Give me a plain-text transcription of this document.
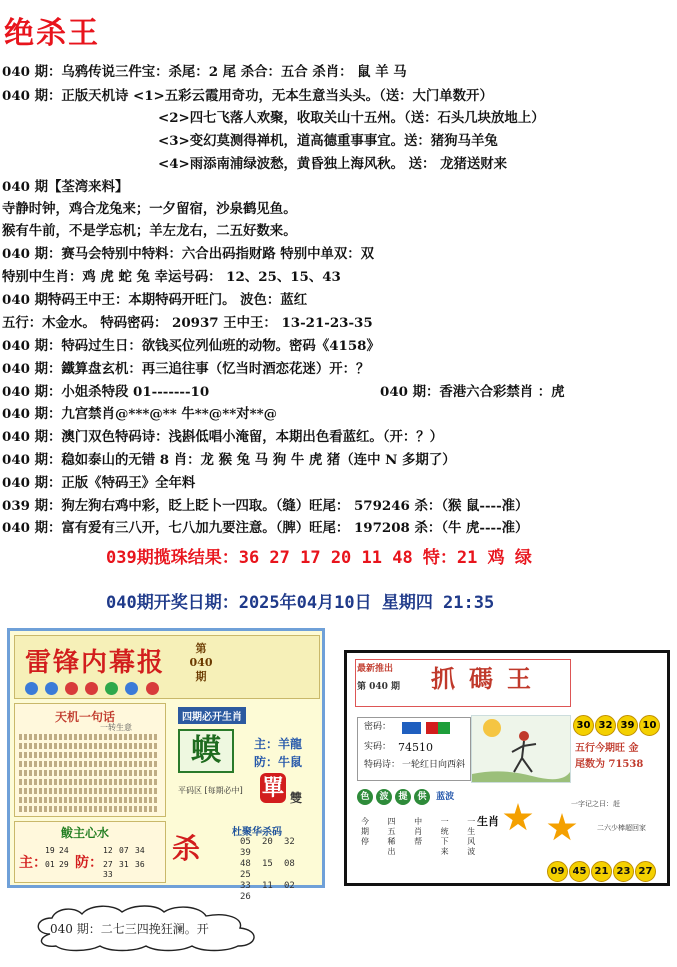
绝杀王
040 期：乌鸦传说三件宝：杀尾：2 尾 杀合：五合 杀肖： 鼠 羊 马
040 期：正版天机诗 <1>五彩云霞用奇功，无本生意当头头。（送：大门单数开）
<2>四七飞落人欢聚，收取关山十五州。（送：石头几块放地上）
<3>变幻莫测得禅机，道高德重事事宜。送：猪狗马羊兔
<4>雨添南浦绿波愁，黄昏独上海风秋。 送： 龙猪送财来
040 期【荃湾来料】
寺静时钟，鸡合龙兔来；一夕留宿，沙泉鹤见鱼。
猴有牛前，不是学忘机；羊左龙右，二五好数来。
040 期：赛马会特别中特料：六合出码指财路 特别中单双：双
特别中生肖：鸡 虎 蛇 兔 幸运号码： 12、25、15、43
040 期特码王中王：本期特码开旺门。 波色：蓝红
五行：木金水。 特码密码： 20937 王中王： 13-21-23-35
040 期：特码过生日：欲钱买位列仙班的动物。密码《4158》
040 期：鐵算盘玄机：再三追往事（忆当时酒恋花迷）开：？
040 期：小姐杀特段 01-------10	040 期：香港六合彩禁肖 ：虎
040 期：九宫禁肖@***@** 牛**@**对**@
040 期：澳门双色特码诗：浅斟低唱小淹留，本期出色看蓝红。（开：？）
040 期：稳如泰山的无错 8 肖：龙 猴 兔 马 狗 牛 虎 猪（连中 N 多期了）
040 期：正版《特码王》全年料
039 期：狗左狗右鸡中彩，眨上眨卜一四取。（缝）旺尾： 579246 杀：（猴 鼠----准）
040 期：富有爱有三八开，七八加九要注意。（脾）旺尾： 197208 杀：（牛 虎----准）
039期揽珠结果：36 27 17 20 11 48 特：21 鸡 绿
040期开奖日期：2025年04月10日 星期四 21:35
雷锋内幕报	第040期

天机一句话
一转生意
四期必开生肖
蟆	主：羊龍
防：牛鼠
平码区 [每期必中] 單 雙
鲅主心水
主： 防：
19
01
24
29
12 07 34
27 31
33
36 杀	杜聚华杀码
05 20 3239
48 15 0825
33 11 0226
最新推出
第 040 期 抓碼王
30 32 39 10
密码：
实码： 74510
特码诗： 一轮红日向西斜
五行今期旺 金
尾数为 71538
色 波 提 供 蓝波
今期停 四五稀出 中肖帮 一统下来 一生风波
生肖
一字记之曰：赶
二六少棒超回家
09 45 21 23 27
040 期：二七三四挽狂澜。开
